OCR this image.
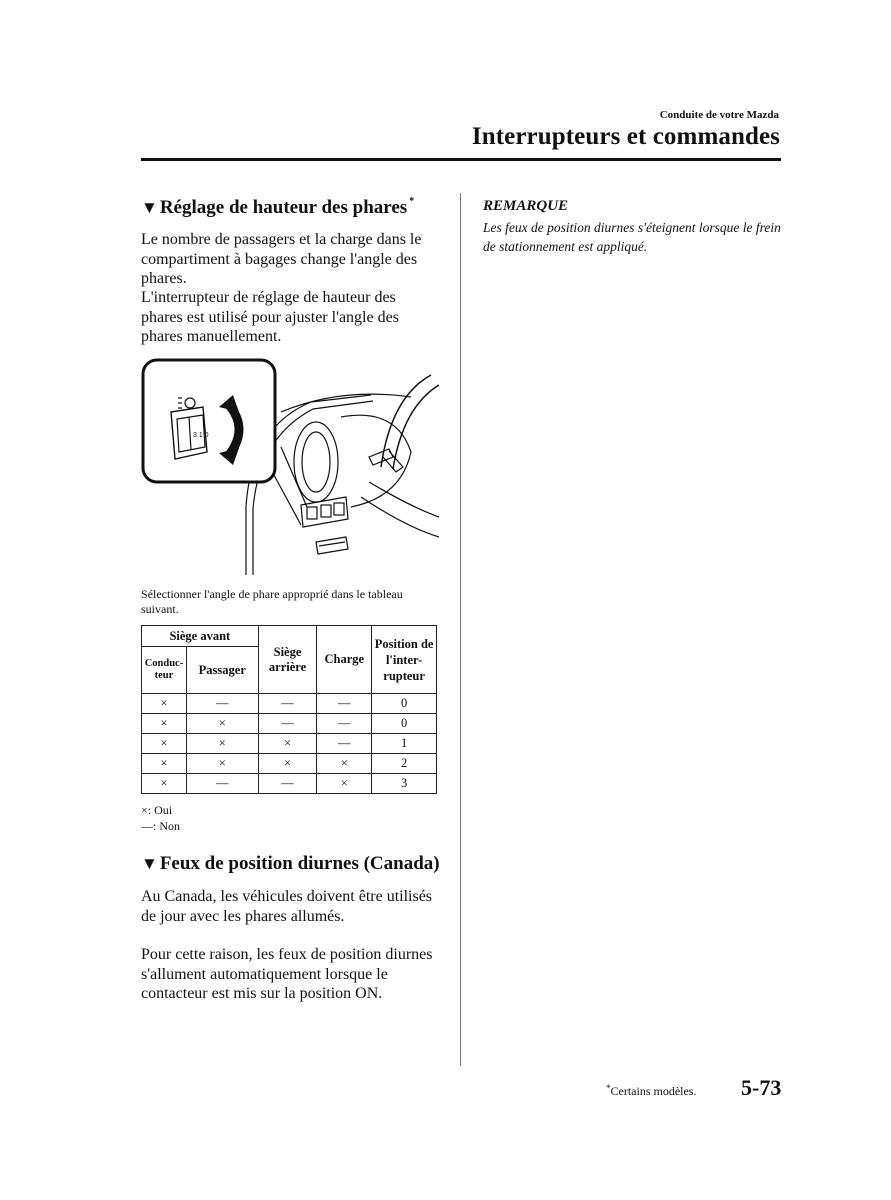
Conduite de votre Mazda
Interrupteurs et commandes
▼ Réglage de hauteur des phares *
Le nombre de passagers et la charge dans le compartiment à bagages change l'angle des phares.
L'interrupteur de réglage de hauteur des phares est utilisé pour ajuster l'angle des phares manuellement.
3 1 0
Sélectionner l'angle de phare approprié dans le tableau suivant.
Siège avant		Siège arrière	Charge	Position de l'inter-rupteur
Conduc-teur	Passager			
×	—	—	—	0
×	×	—	—	0
×	×	×	—	1
×	×	×	×	2
×	—	—	×	3
×: Oui
—: Non
▼ Feux de position diurnes (Canada)
Au Canada, les véhicules doivent être utilisés de jour avec les phares allumés.
Pour cette raison, les feux de position diurnes s'allument automatiquement lorsque le contacteur est mis sur la position ON.
REMARQUE
Les feux de position diurnes s'éteignent lorsque le frein de stationnement est appliqué.
*Certains modèles. 5-73
